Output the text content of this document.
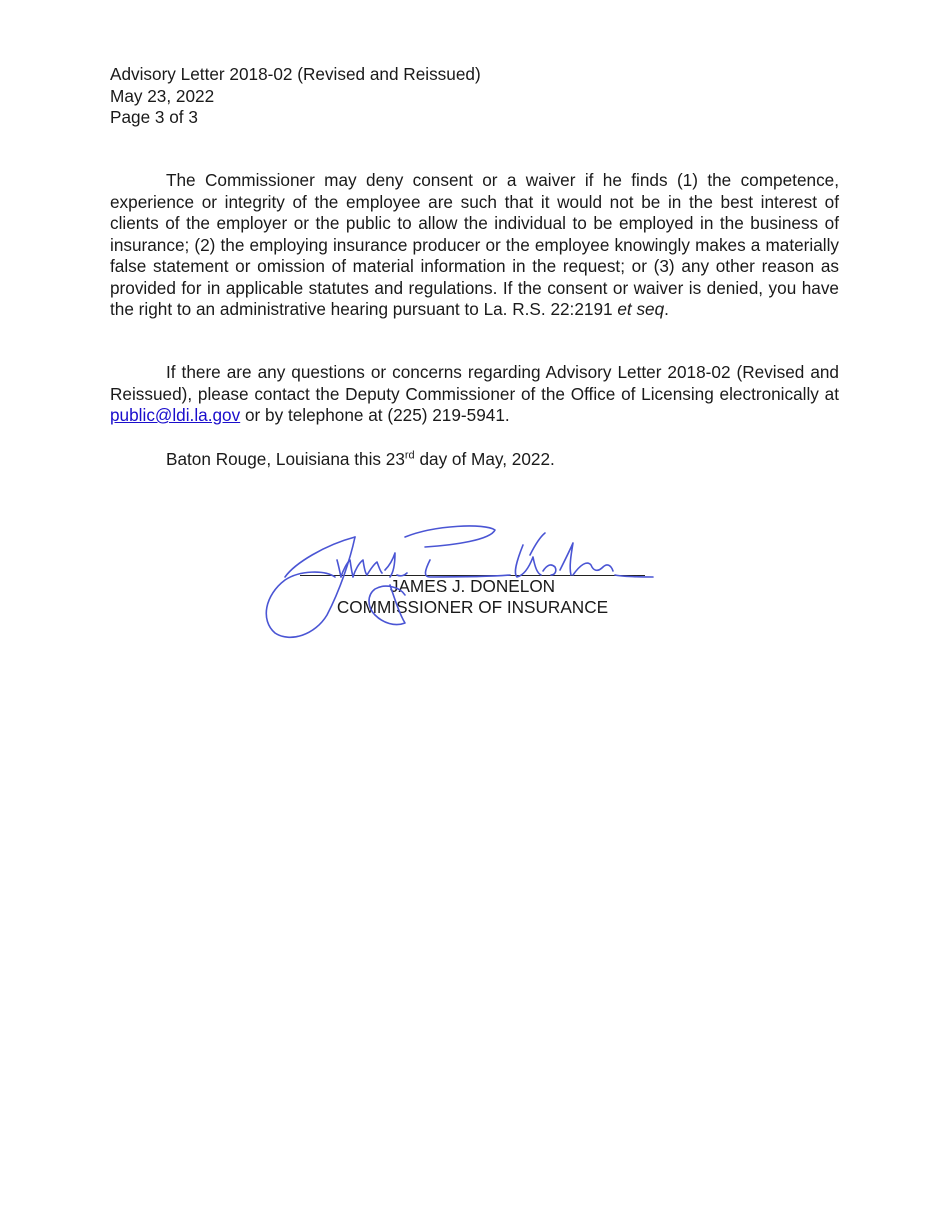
Advisory Letter 2018-02 (Revised and Reissued)
May 23, 2022
Page 3 of 3

The Commissioner may deny consent or a waiver if he finds (1) the competence, experience or integrity of the employee are such that it would not be in the best interest of clients of the employer or the public to allow the individual to be employed in the business of insurance; (2) the employing insurance producer or the employee knowingly makes a materially false statement or omission of material information in the request; or (3) any other reason as provided for in applicable statutes and regulations. If the consent or waiver is denied, you have the right to an administrative hearing pursuant to La. R.S. 22:2191 et seq.

If there are any questions or concerns regarding Advisory Letter 2018-02 (Revised and Reissued), please contact the Deputy Commissioner of the Office of Licensing electronically at public@ldi.la.gov or by telephone at (225) 219-5941.

Baton Rouge, Louisiana this 23rd day of May, 2022.
JAMES J. DONELON
COMMISSIONER OF INSURANCE
